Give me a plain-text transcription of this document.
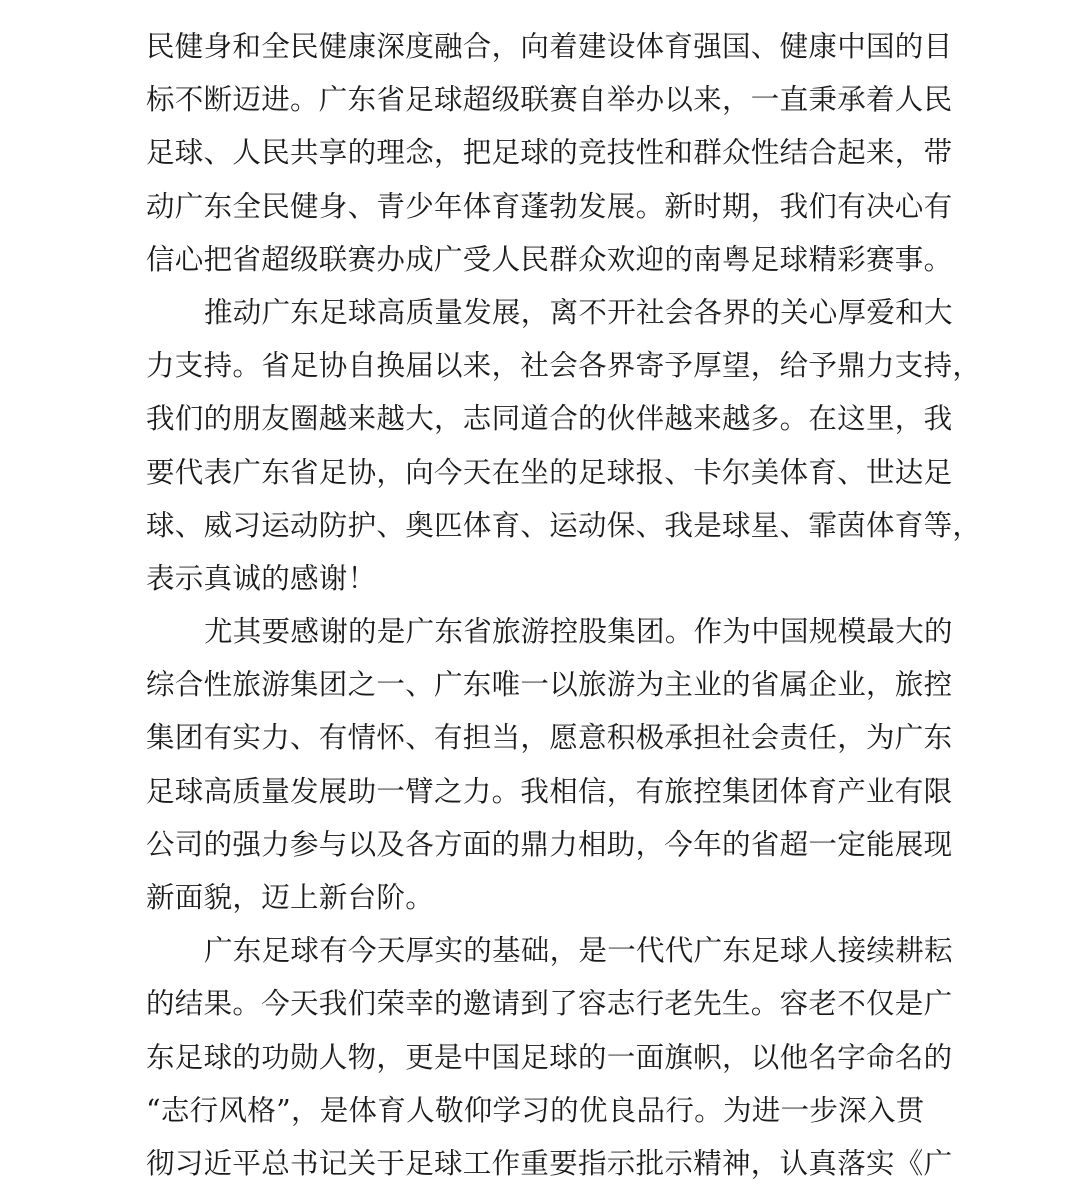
民健身和全民健康深度融合，向着建设体育强国、健康中国的目
标不断迈进。广东省足球超级联赛自举办以来，一直秉承着人民
足球、人民共享的理念，把足球的竞技性和群众性结合起来，带
动广东全民健身、青少年体育蓬勃发展。新时期，我们有决心有
信心把省超级联赛办成广受人民群众欢迎的南粤足球精彩赛事。
推动广东足球高质量发展，离不开社会各界的关心厚爱和大
力支持。省足协自换届以来，社会各界寄予厚望，给予鼎力支持，
我们的朋友圈越来越大，志同道合的伙伴越来越多。在这里，我
要代表广东省足协，向今天在坐的足球报、卡尔美体育、世达足
球、威习运动防护、奥匹体育、运动保、我是球星、霏茵体育等，
表示真诚的感谢！
尤其要感谢的是广东省旅游控股集团。作为中国规模最大的
综合性旅游集团之一、广东唯一以旅游为主业的省属企业，旅控
集团有实力、有情怀、有担当，愿意积极承担社会责任，为广东
足球高质量发展助一臂之力。我相信，有旅控集团体育产业有限
公司的强力参与以及各方面的鼎力相助，今年的省超一定能展现
新面貌，迈上新台阶。
广东足球有今天厚实的基础，是一代代广东足球人接续耕耘
的结果。今天我们荣幸的邀请到了容志行老先生。容老不仅是广
东足球的功勋人物，更是中国足球的一面旗帜，以他名字命名的
“志行风格”，是体育人敬仰学习的优良品行。为进一步深入贯
彻习近平总书记关于足球工作重要指示批示精神，认真落实《广
